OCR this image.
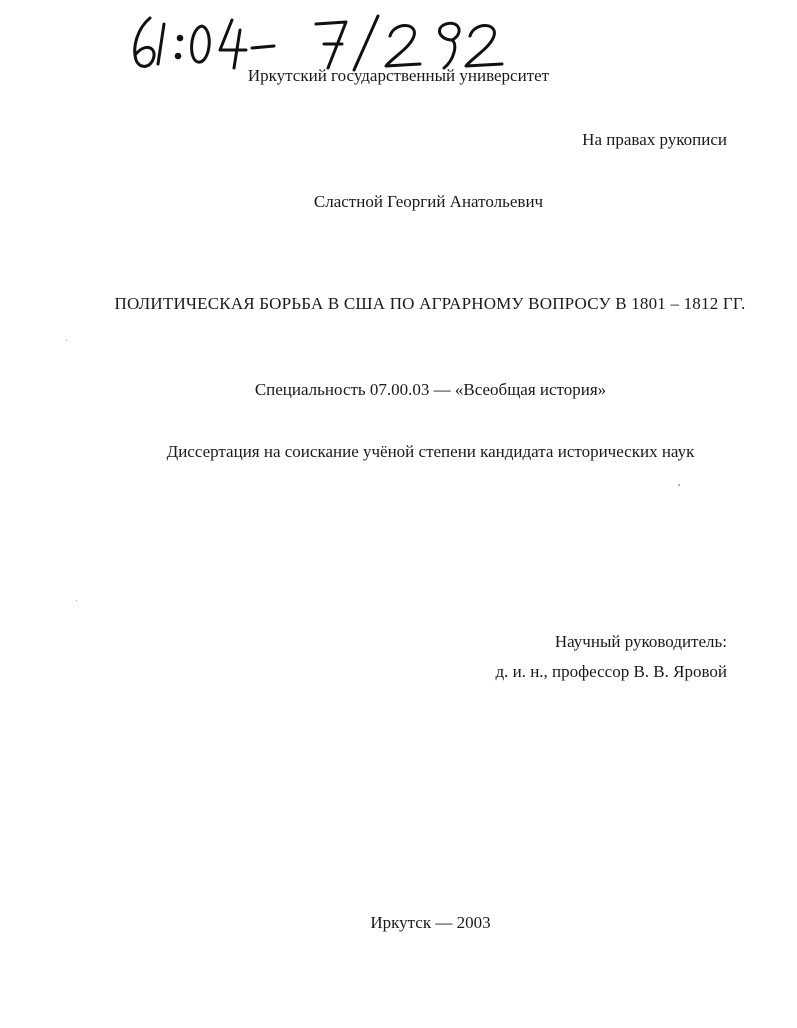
Иркутский государственный университет
На правах рукописи
Сластной Георгий Анатольевич
ПОЛИТИЧЕСКАЯ БОРЬБА В США ПО АГРАРНОМУ ВОПРОСУ В 1801 – 1812 ГГ.
Специальность 07.00.03 — «Всеобщая история»
Диссертация на соискание учёной степени кандидата исторических наук
Научный руководитель:
д. и. н., профессор В. В. Яровой
Иркутск — 2003
